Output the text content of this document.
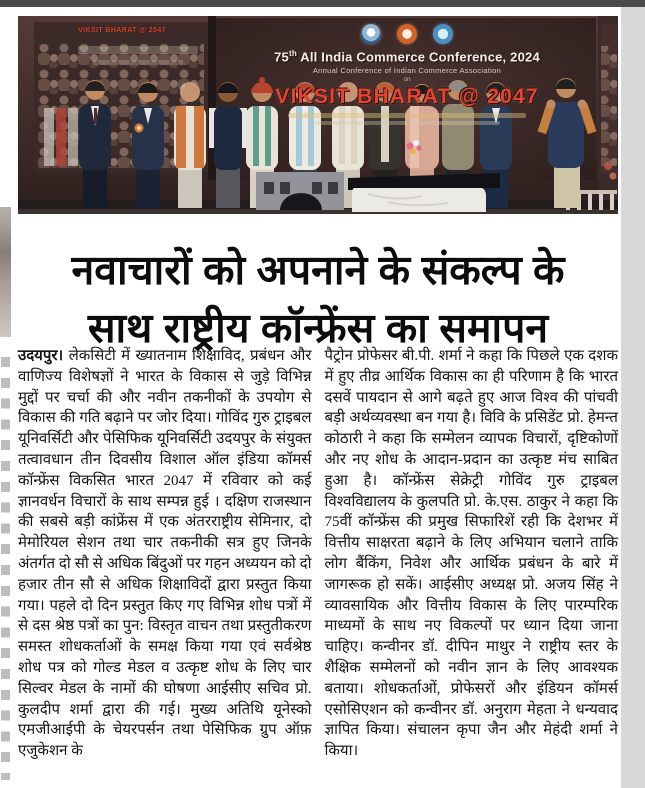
VIKSIT BHARAT @ 2047
75th All India Commerce Conference, 2024
Annual Conference of Indian Commerce Association
on
VIKSIT BHARAT @ 2047
नवाचारों को अपनाने के संकल्प के
साथ राष्ट्रीय कॉन्फ्रेंस का समापन
उदयपुर। लेकसिटी में ख्यातनाम शिक्षाविद, प्रबंधन और वाणिज्य विशेषज्ञों ने भारत के विकास से जुड़े विभिन्न मुद्दों पर चर्चा की और नवीन तकनीकों के उपयोग से विकास की गति बढ़ाने पर जोर दिया। गोविंद गुरु ट्राइबल यूनिवर्सिटी और पेसिफिक यूनिवर्सिटी उदयपुर के संयुक्त तत्वावधान तीन दिवसीय विशाल ऑल इंडिया कॉमर्स कॉन्फ्रेंस विकसित भारत 2047 में रविवार को कई ज्ञानवर्धन विचारों के साथ सम्पन्न हुई । दक्षिण राजस्थान की सबसे बड़ी कांफ्रेंस में एक अंतरराष्ट्रीय सेमिनार, दो मेमोरियल सेशन तथा चार तकनीकी सत्र हुए जिनके अंतर्गत दो सौ से अधिक बिंदुओं पर गहन अध्ययन को दो हजार तीन सौ से अधिक शिक्षाविदों द्वारा प्रस्तुत किया गया। पहले दो दिन प्रस्तुत किए गए विभिन्न शोध पत्रों में से दस श्रेष्ठ पत्रों का पुन: विस्तृत वाचन तथा प्रस्तुतीकरण समस्त शोधकर्ताओं के समक्ष किया गया एवं सर्वश्रेष्ठ शोध पत्र को गोल्ड मेडल व उत्कृष्ट शोध के लिए चार सिल्वर मेडल के नामों की घोषणा आईसीए सचिव प्रो. कुलदीप शर्मा द्वारा की गई। मुख्य अतिथि यूनेस्को एमजीआईपी के चेयरपर्सन तथा पेसिफिक ग्रुप ऑफ़ एजुकेशन के
पैट्रोन प्रोफेसर बी.पी. शर्मा ने कहा कि पिछले एक दशक में हुए तीव्र आर्थिक विकास का ही परिणाम है कि भारत दसवें पायदान से आगे बढ़ते हुए आज विश्व की पांचवी बड़ी अर्थव्यवस्था बन गया है। विवि के प्रसिडेंट प्रो. हेमन्त कोठारी ने कहा कि सम्मेलन व्यापक विचारों, दृष्टिकोणों और नए शोध के आदान-प्रदान का उत्कृष्ट मंच साबित हुआ है। कॉन्फ्रेंस सेक्रेट्री गोविंद गुरु ट्राइबल विश्वविद्यालय के कुलपति प्रो. के.एस. ठाकुर ने कहा कि 75वीं कॉन्फ्रेंस की प्रमुख सिफारिशें रही कि देशभर में वित्तीय साक्षरता बढ़ाने के लिए अभियान चलाने ताकि लोग बैंकिंग, निवेश और आर्थिक प्रबंधन के बारे में जागरूक हो सकें। आईसीए अध्यक्ष प्रो. अजय सिंह ने व्यावसायिक और वित्तीय विकास के लिए पारम्परिक माध्यमों के साथ नए विकल्पों पर ध्यान दिया जाना चाहिए। कन्वीनर डॉ. दीपिन माथुर ने राष्ट्रीय स्तर के शैक्षिक सम्मेलनों को नवीन ज्ञान के लिए आवश्यक बताया। शोधकर्ताओं, प्रोफेसरों और इंडियन कॉमर्स एसोसिएशन को कन्वीनर डॉ. अनुराग मेहता ने धन्यवाद ज्ञापित किया। संचालन कृपा जैन और मेहंदी शर्मा ने किया।
